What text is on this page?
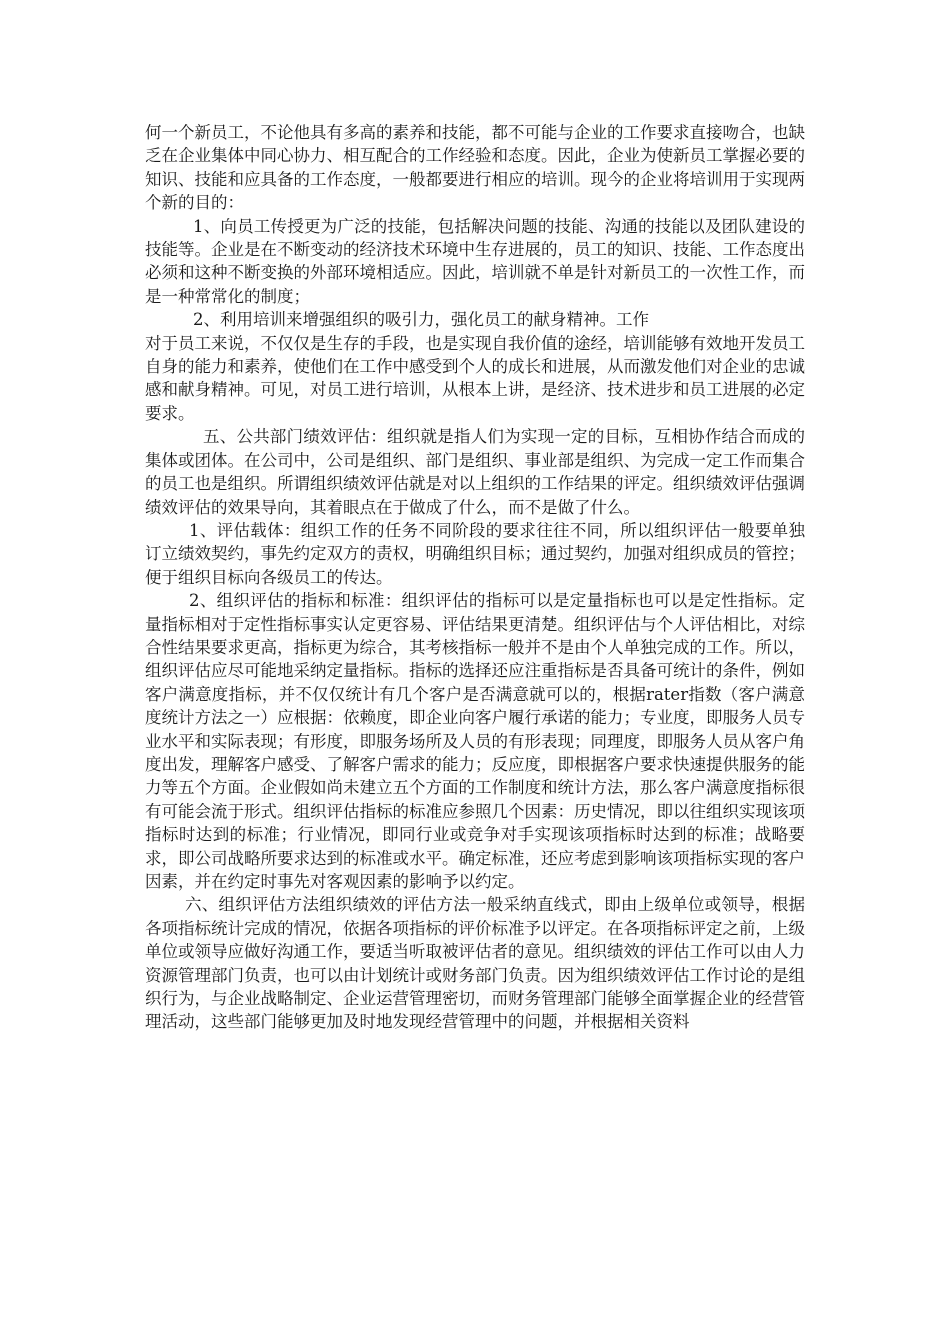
何一个新员工，不论他具有多高的素养和技能，都不可能与企业的工作要求直接吻合，也缺乏在企业集体中同心协力、相互配合的工作经验和态度。因此，企业为使新员工掌握必要的知识、技能和应具备的工作态度，一般都要进行相应的培训。现今的企业将培训用于实现两个新的目的：

1、向员工传授更为广泛的技能，包括解决问题的技能、沟通的技能以及团队建设的技能等。企业是在不断变动的经济技术环境中生存进展的，员工的知识、技能、工作态度出必须和这种不断变换的外部环境相适应。因此，培训就不单是针对新员工的一次性工作，而是一种常常化的制度；

2、利用培训来增强组织的吸引力，强化员工的献身精神。工作

对于员工来说，不仅仅是生存的手段，也是实现自我价值的途经，培训能够有效地开发员工自身的能力和素养，使他们在工作中感受到个人的成长和进展，从而激发他们对企业的忠诚感和献身精神。可见，对员工进行培训，从根本上讲，是经济、技术进步和员工进展的必定要求。

五、公共部门绩效评估：组织就是指人们为实现一定的目标，互相协作结合而成的集体或团体。在公司中，公司是组织、部门是组织、事业部是组织、为完成一定工作而集合的员工也是组织。所谓组织绩效评估就是对以上组织的工作结果的评定。组织绩效评估强调绩效评估的效果导向，其着眼点在于做成了什么，而不是做了什么。

1、评估载体：组织工作的任务不同阶段的要求往往不同，所以组织评估一般要单独订立绩效契约，事先约定双方的责权，明确组织目标；通过契约，加强对组织成员的管控；便于组织目标向各级员工的传达。

2、组织评估的指标和标准：组织评估的指标可以是定量指标也可以是定性指标。定量指标相对于定性指标事实认定更容易、评估结果更清楚。组织评估与个人评估相比，对综合性结果要求更高，指标更为综合，其考核指标一般并不是由个人单独完成的工作。所以，组织评估应尽可能地采纳定量指标。指标的选择还应注重指标是否具备可统计的条件，例如客户满意度指标，并不仅仅统计有几个客户是否满意就可以的，根据rater指数（客户满意度统计方法之一）应根据：依赖度，即企业向客户履行承诺的能力；专业度，即服务人员专业水平和实际表现；有形度，即服务场所及人员的有形表现；同理度，即服务人员从客户角度出发，理解客户感受、了解客户需求的能力；反应度，即根据客户要求快速提供服务的能力等五个方面。企业假如尚未建立五个方面的工作制度和统计方法，那么客户满意度指标很有可能会流于形式。组织评估指标的标准应参照几个因素：历史情况，即以往组织实现该项指标时达到的标准；行业情况，即同行业或竞争对手实现该项指标时达到的标准；战略要求，即公司战略所要求达到的标准或水平。确定标准，还应考虑到影响该项指标实现的客户因素，并在约定时事先对客观因素的影响予以约定。

六、组织评估方法组织绩效的评估方法一般采纳直线式，即由上级单位或领导，根据各项指标统计完成的情况，依据各项指标的评价标准予以评定。在各项指标评定之前，上级单位或领导应做好沟通工作，要适当听取被评估者的意见。组织绩效的评估工作可以由人力资源管理部门负责，也可以由计划统计或财务部门负责。因为组织绩效评估工作讨论的是组织行为，与企业战略制定、企业运营管理密切，而财务管理部门能够全面掌握企业的经营管理活动，这些部门能够更加及时地发现经营管理中的问题，并根据相关资料
